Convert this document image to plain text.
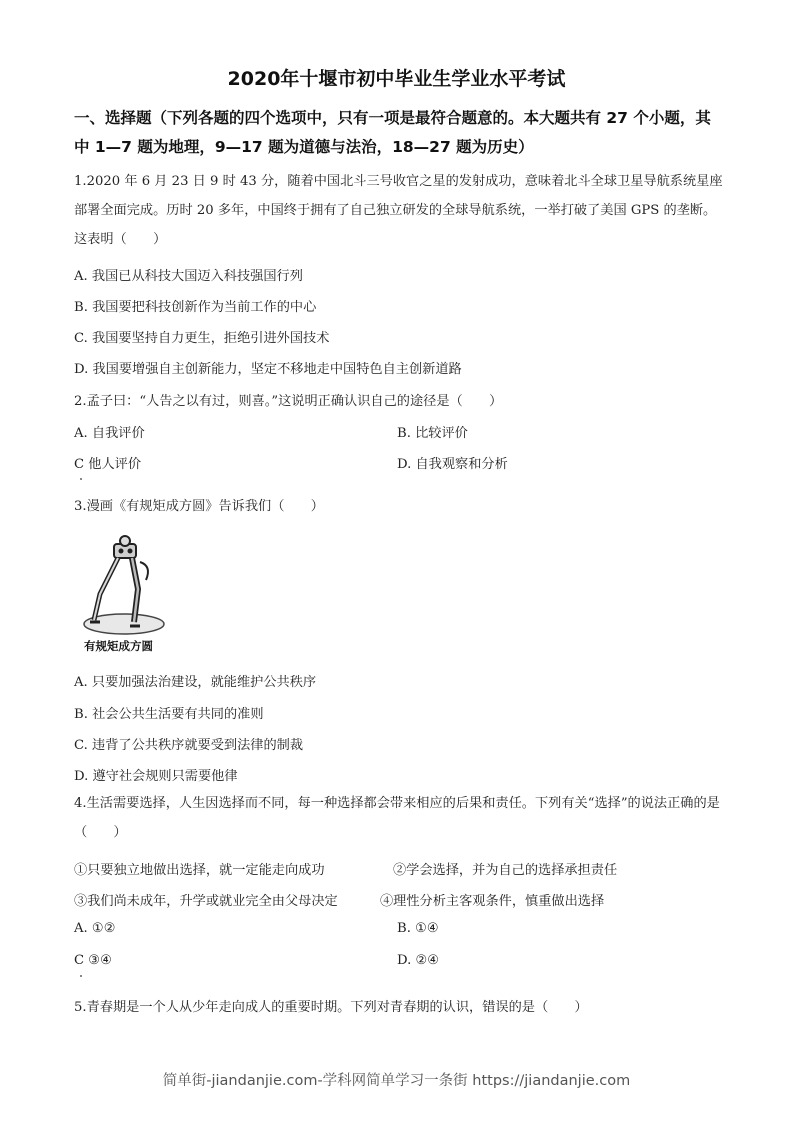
2020年十堰市初中毕业生学业水平考试
一、选择题（下列各题的四个选项中，只有一项是最符合题意的。本大题共有 27 个小题，其中 1—7 题为地理，9—17 题为道德与法治，18—27 题为历史）
1.2020 年 6 月 23 日 9 时 43 分，随着中国北斗三号收官之星的发射成功，意味着北斗全球卫星导航系统星座部署全面完成。历时 20 多年，中国终于拥有了自己独立研发的全球导航系统，一举打破了美国 GPS 的垄断。这表明（　　）
A. 我国已从科技大国迈入科技强国行列
B. 我国要把科技创新作为当前工作的中心
C. 我国要坚持自力更生，拒绝引进外国技术
D. 我国要增强自主创新能力，坚定不移地走中国特色自主创新道路
2.孟子曰：“人告之以有过，则喜。”这说明正确认识自己的途径是（　　）
A. 自我评价	B. 比较评价
C 他人评价	D. 自我观察和分析
3.漫画《有规矩成方圆》告诉我们（　　）
有规矩成方圆
A. 只要加强法治建设，就能维护公共秩序
B. 社会公共生活要有共同的准则
C. 违背了公共秩序就要受到法律的制裁
D. 遵守社会规则只需要他律
4.生活需要选择，人生因选择而不同，每一种选择都会带来相应的后果和责任。下列有关“选择”的说法正确的是（　　）
①只要独立地做出选择，就一定能走向成功	②学会选择，并为自己的选择承担责任
③我们尚未成年，升学或就业完全由父母决定	④理性分析主客观条件，慎重做出选择
A. ①②	B. ①④
C ③④	D. ②④
5.青春期是一个人从少年走向成人的重要时期。下列对青春期的认识，错误的是（　　）
简单街-jiandanjie.com-学科网简单学习一条街 https://jiandanjie.com
